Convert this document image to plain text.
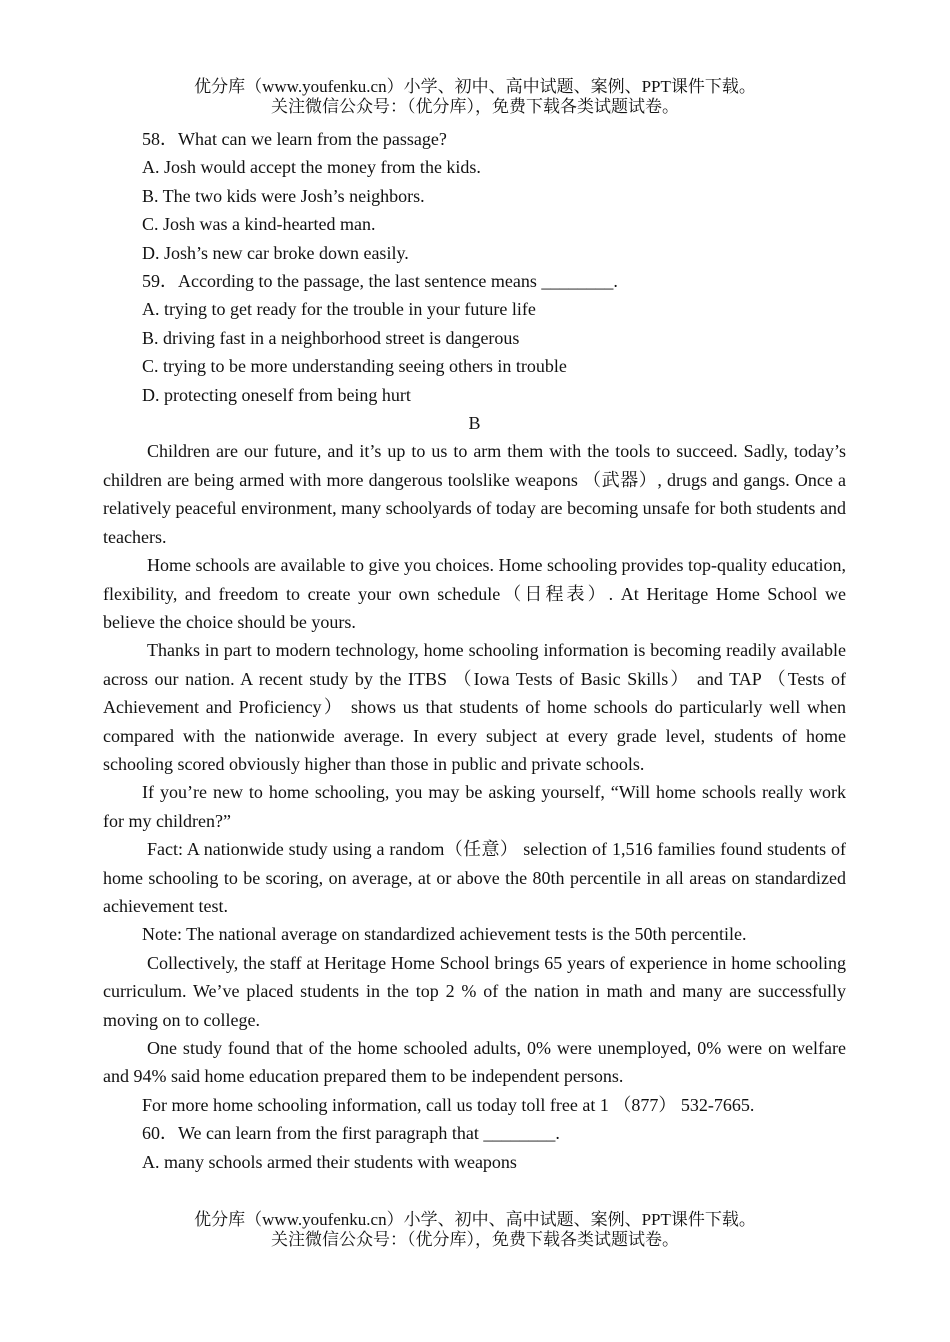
优分库（www.youfenku.cn）小学、初中、高中试题、案例、PPT课件下载。
关注微信公众号：（优分库），免费下载各类试题试卷。
58．What can we learn from the passage?
A. Josh would accept the money from the kids.
B. The two kids were Josh’s neighbors.
C. Josh was a kind-hearted man.
D. Josh’s new car broke down easily.
59．According to the passage, the last sentence means ________.
A. trying to get ready for the trouble in your future life
B. driving fast in a neighborhood street is dangerous
C. trying to be more understanding seeing others in trouble
D. protecting oneself from being hurt
B
Children are our future, and it’s up to us to arm them with the tools to succeed. Sadly, today’s children are being armed with more dangerous toolslike weapons （武器）, drugs and gangs. Once a relatively peaceful environment, many schoolyards of today are becoming unsafe for both students and teachers.
Home schools are available to give you choices. Home schooling provides top-quality education, flexibility, and freedom to create your own schedule（日程表）. At Heritage Home School we believe the choice should be yours.
Thanks in part to modern technology, home schooling information is becoming readily available across our nation. A recent study by the ITBS （Iowa Tests of Basic Skills） and TAP （Tests of Achievement and Proficiency） shows us that students of home schools do particularly well when compared with the nationwide average. In every subject at every grade level, students of home schooling scored obviously higher than those in public and private schools.
If you’re new to home schooling, you may be asking yourself, “Will home schools really work for my children?”
Fact: A nationwide study using a random（任意） selection of 1,516 families found students of home schooling to be scoring, on average, at or above the 80th percentile in all areas on standardized achievement test.
Note: The national average on standardized achievement tests is the 50th percentile.
Collectively, the staff at Heritage Home School brings 65 years of experience in home schooling curriculum. We’ve placed students in the top 2 % of the nation in math and many are successfully moving on to college.
One study found that of the home schooled adults, 0% were unemployed, 0% were on welfare and 94% said home education prepared them to be independent persons.
For more home schooling information, call us today toll free at 1 （877） 532-7665.
60．We can learn from the first paragraph that ________.
A. many schools armed their students with weapons
优分库（www.youfenku.cn）小学、初中、高中试题、案例、PPT课件下载。
关注微信公众号：（优分库），免费下载各类试题试卷。
